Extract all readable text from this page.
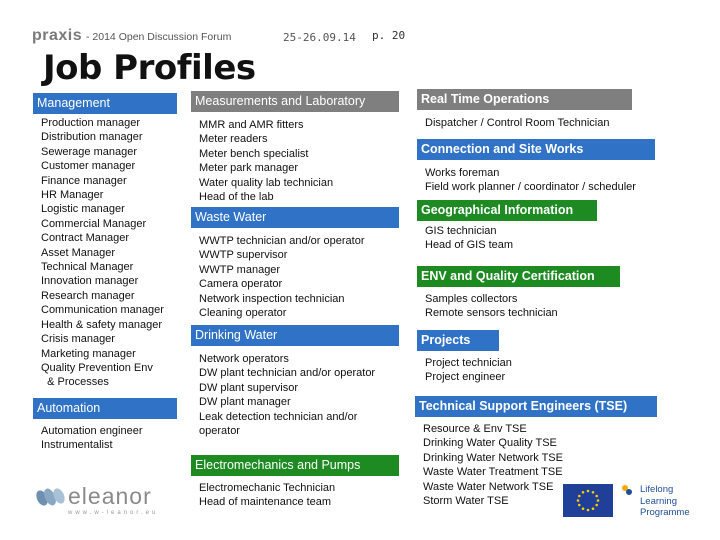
praxis - 2014 Open Discussion Forum	25-26.09.14 p. 20
Job Profiles
Management
Production manager
Distribution manager
Sewerage manager
Customer manager
Finance manager
HR Manager
Logistic manager
Commercial Manager
Contract Manager
Asset Manager
Technical Manager
Innovation manager
Research manager
Communication manager
Health & safety manager
Crisis manager
Marketing manager
Quality Prevention Env
& Processes
Automation
Automation engineer
Instrumentalist
Measurements and Laboratory
MMR and AMR fitters
Meter readers
Meter bench specialist
Meter park manager
Water quality lab technician
Head of the lab
Waste Water
WWTP technician and/or operator
WWTP supervisor
WWTP manager
Camera operator
Network inspection technician
Cleaning operator
Drinking Water
Network operators
DW plant technician and/or operator
DW plant supervisor
DW plant manager
Leak detection technician and/or operator
Electromechanics and Pumps
Electromechanic Technician
Head of maintenance team
Real Time Operations
Dispatcher / Control Room Technician
Connection and Site Works
Works foreman
Field work planner / coordinator / scheduler
Geographical Information
GIS technician
Head of GIS team
ENV and Quality Certification
Samples collectors
Remote sensors technician
Projects
Project technician
Project engineer
Technical Support Engineers (TSE)
Resource & Env TSE
Drinking Water Quality TSE
Drinking Water Network TSE
Waste Water Treatment TSE
Waste Water Network TSE
Storm Water TSE
eleanor
www.w-leanor.eu
Lifelong
Learning
Programme
